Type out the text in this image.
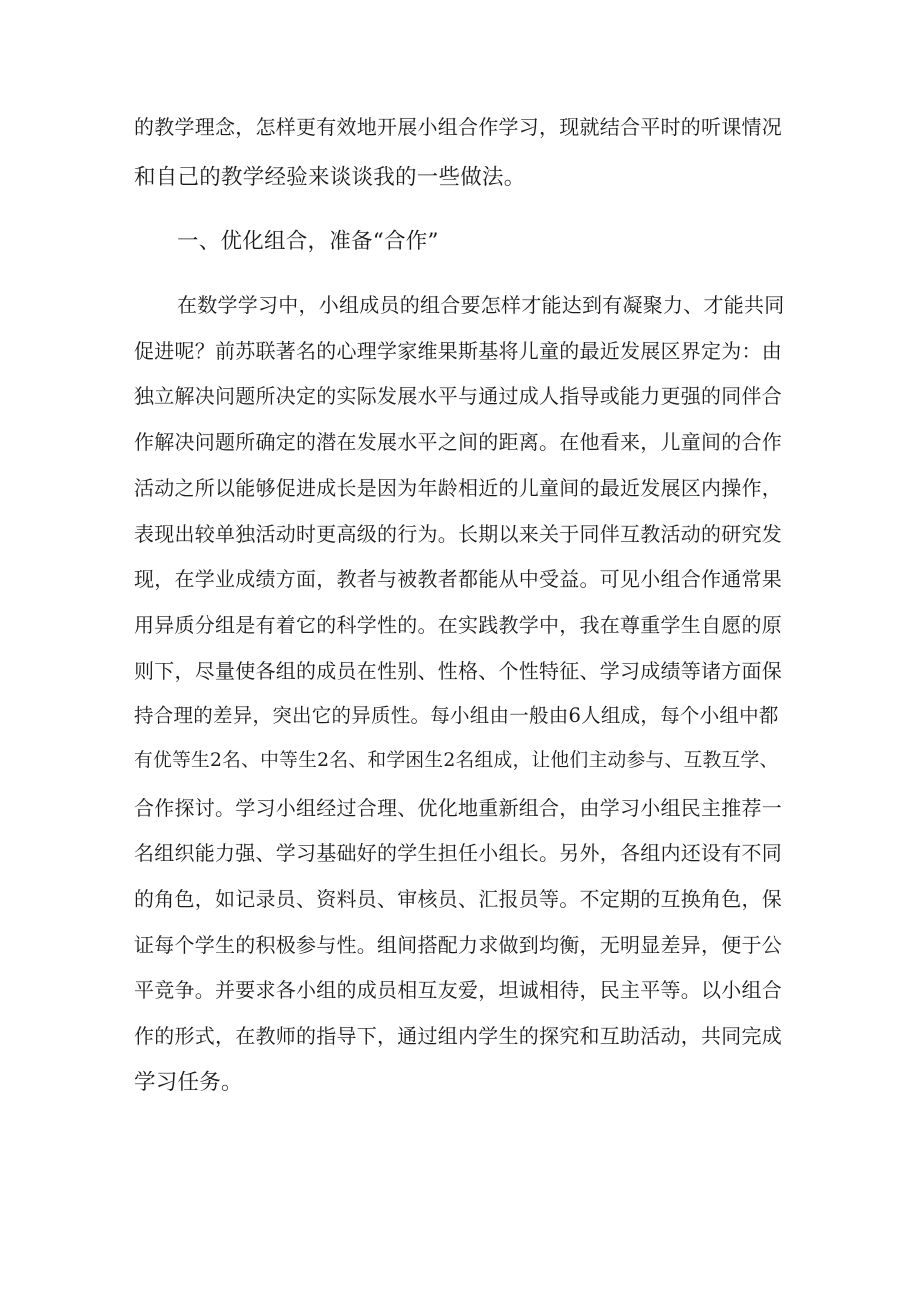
的教学理念，怎样更有效地开展小组合作学习，现就结合平时的听课情况
和自己的教学经验来谈谈我的一些做法。
一、优化组合，准备“合作”
在数学学习中，小组成员的组合要怎样才能达到有凝聚力、才能共同
促进呢？前苏联著名的心理学家维果斯基将儿童的最近发展区界定为：由
独立解决问题所决定的实际发展水平与通过成人指导或能力更强的同伴合
作解决问题所确定的潜在发展水平之间的距离。在他看来，儿童间的合作
活动之所以能够促进成长是因为年龄相近的儿童间的最近发展区内操作，
表现出较单独活动时更高级的行为。长期以来关于同伴互教活动的研究发
现，在学业成绩方面，教者与被教者都能从中受益。可见小组合作通常果
用异质分组是有着它的科学性的。在实践教学中，我在尊重学生自愿的原
则下，尽量使各组的成员在性别、性格、个性特征、学习成绩等诸方面保
持合理的差异，突出它的异质性。每小组由一般由6人组成，每个小组中都
有优等生2名、中等生2名、和学困生2名组成，让他们主动参与、互教互学、
合作探讨。学习小组经过合理、优化地重新组合，由学习小组民主推荐一
名组织能力强、学习基础好的学生担任小组长。另外，各组内还设有不同
的角色，如记录员、资料员、审核员、汇报员等。不定期的互换角色，保
证每个学生的积极参与性。组间搭配力求做到均衡，无明显差异，便于公
平竞争。并要求各小组的成员相互友爱，坦诚相待，民主平等。以小组合
作的形式，在教师的指导下，通过组内学生的探究和互助活动，共同完成
学习任务。
